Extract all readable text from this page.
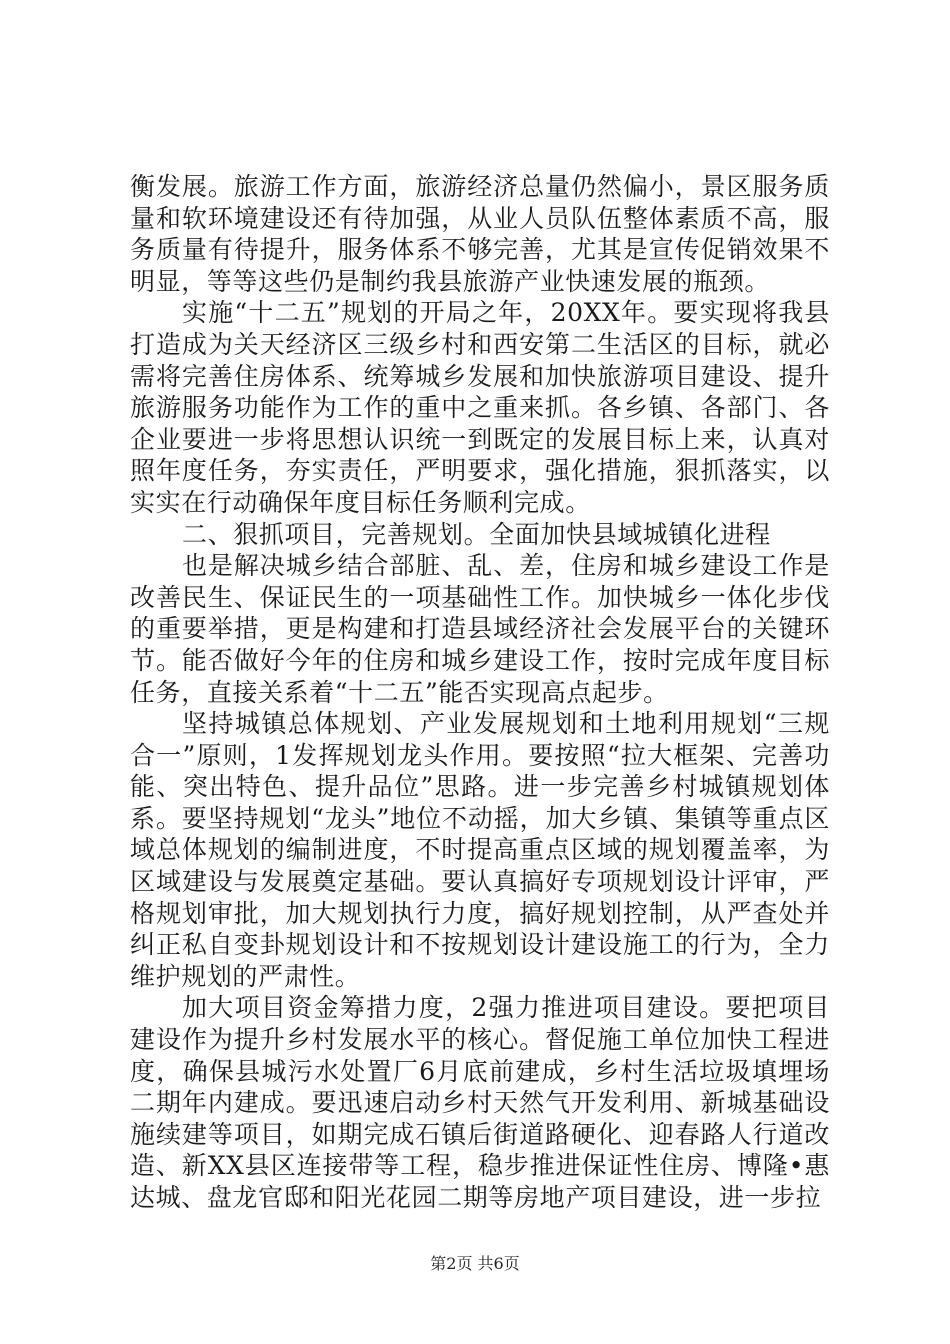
衡发展。旅游工作方面，旅游经济总量仍然偏小，景区服务质量和软环境建设还有待加强，从业人员队伍整体素质不高，服务质量有待提升，服务体系不够完善，尤其是宣传促销效果不明显，等等这些仍是制约我县旅游产业快速发展的瓶颈。

实施“十二五”规划的开局之年，20XX年。要实现将我县打造成为关天经济区三级乡村和西安第二生活区的目标，就必需将完善住房体系、统筹城乡发展和加快旅游项目建设、提升旅游服务功能作为工作的重中之重来抓。各乡镇、各部门、各企业要进一步将思想认识统一到既定的发展目标上来，认真对照年度任务，夯实责任，严明要求，强化措施，狠抓落实，以实实在行动确保年度目标任务顺利完成。

二、狠抓项目，完善规划。全面加快县域城镇化进程

也是解决城乡结合部脏、乱、差，住房和城乡建设工作是改善民生、保证民生的一项基础性工作。加快城乡一体化步伐的重要举措，更是构建和打造县域经济社会发展平台的关键环节。能否做好今年的住房和城乡建设工作，按时完成年度目标任务，直接关系着“十二五”能否实现高点起步。

坚持城镇总体规划、产业发展规划和土地利用规划“三规合一”原则，1发挥规划龙头作用。要按照“拉大框架、完善功能、突出特色、提升品位”思路。进一步完善乡村城镇规划体系。要坚持规划“龙头”地位不动摇，加大乡镇、集镇等重点区域总体规划的编制进度，不时提高重点区域的规划覆盖率，为区域建设与发展奠定基础。要认真搞好专项规划设计评审，严格规划审批，加大规划执行力度，搞好规划控制，从严查处并纠正私自变卦规划设计和不按规划设计建设施工的行为，全力维护规划的严肃性。

加大项目资金筹措力度，2强力推进项目建设。要把项目建设作为提升乡村发展水平的核心。督促施工单位加快工程进度，确保县城污水处置厂6月底前建成，乡村生活垃圾填埋场二期年内建成。要迅速启动乡村天然气开发利用、新城基础设施续建等项目，如期完成石镇后街道路硬化、迎春路人行道改造、新XX县区连接带等工程，稳步推进保证性住房、博隆•惠达城、盘龙官邸和阳光花园二期等房地产项目建设，进一步拉

第2页 共6页
